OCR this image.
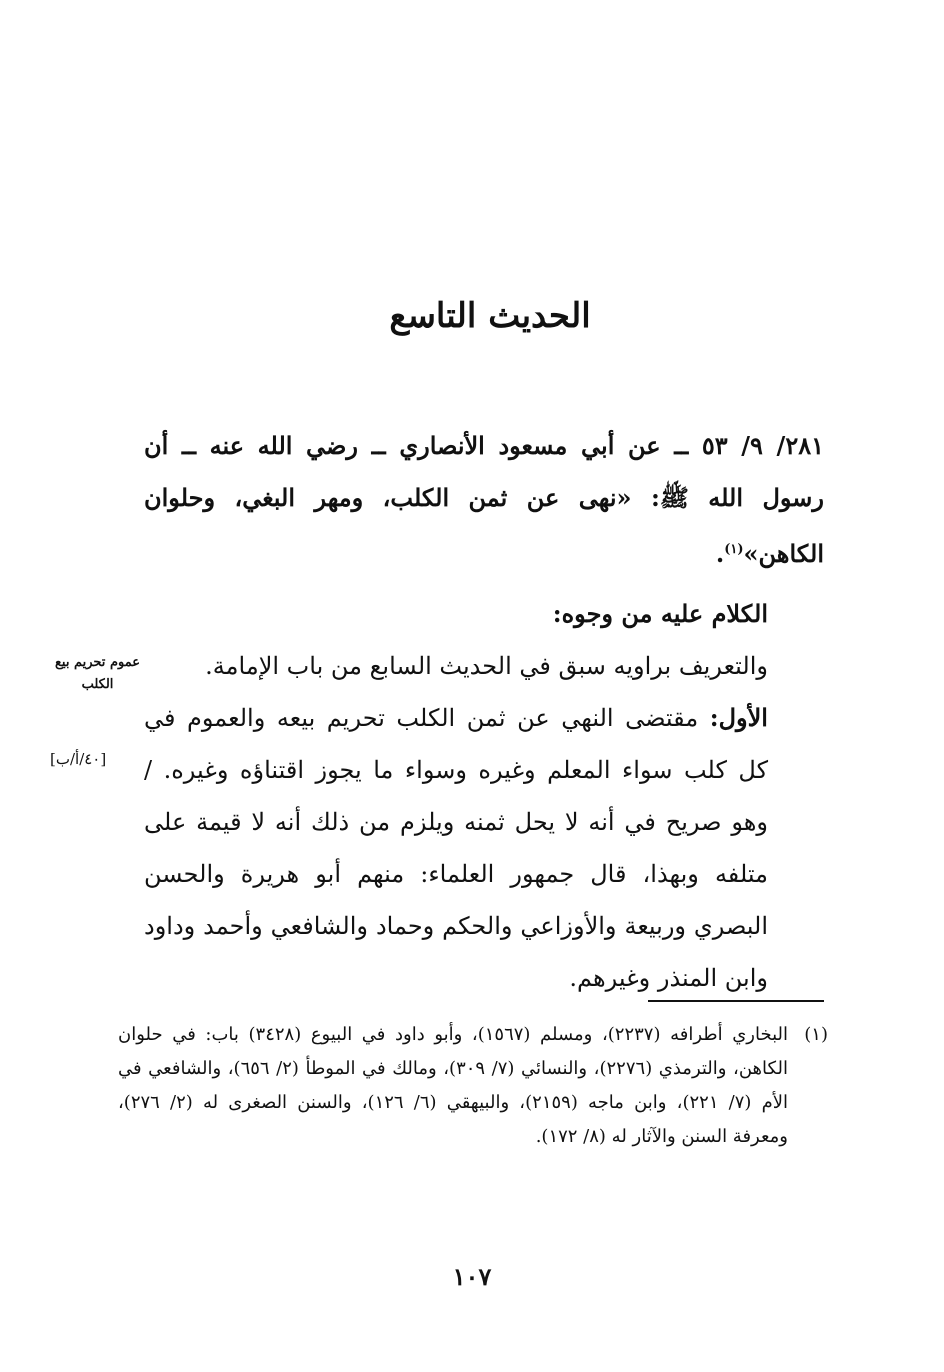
الحديث التاسع

٢٨١/ ٩/ ٥٣ ــ عن أبي مسعود الأنصاري ــ رضي الله عنه ــ أن رسول الله ﷺ: «نهى عن ثمن الكلب، ومهر البغي، وحلوان الكاهن»$^{(١)}$.

الكلام عليه من وجوه:

والتعريف براويه سبق في الحديث السابع من باب الإمامة.

الأول: مقتضى النهي عن ثمن الكلب تحريم بيعه والعموم في كل كلب سواء المعلم وغيره وسواء ما يجوز اقتناؤه وغيره. / وهو صريح في أنه لا يحل ثمنه ويلزم من ذلك أنه لا قيمة على متلفه وبهذا، قال جمهور العلماء: منهم أبو هريرة والحسن البصري وربيعة والأوزاعي والحكم وحماد والشافعي وأحمد وداود وابن المنذر وغيرهم.

عموم تحريم بيع الكلب
[٤٠/أ/ب]
(١)
البخاري أطرافه (٢٢٣٧)، ومسلم (١٥٦٧)، وأبو داود في البيوع (٣٤٢٨) باب: في حلوان الكاهن، والترمذي (٢٢٧٦)، والنسائي (٧/ ٣٠٩)، ومالك في الموطأ (٢/ ٦٥٦)، والشافعي في الأم (٧/ ٢٢١)، وابن ماجه (٢١٥٩)، والبيهقي (٦/ ١٢٦)، والسنن الصغرى له (٢/ ٢٧٦)، ومعرفة السنن والآثار له (٨/ ١٧٢).
١٠٧
